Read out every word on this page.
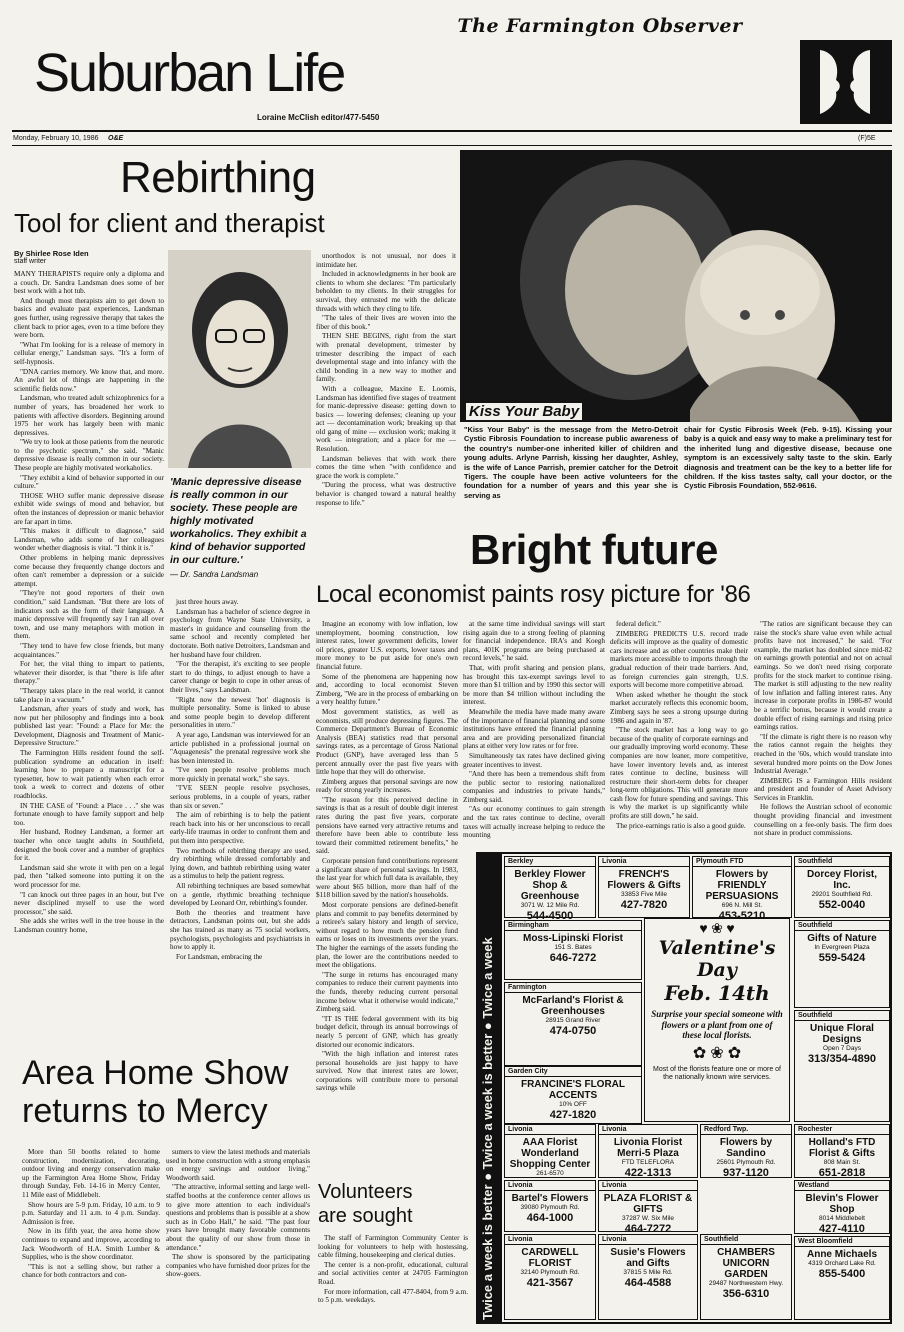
The Farmington Observer
Suburban Life
Loraine McClish editor/477-5450
Monday, February 10, 1986 O&E	(F)5E
Rebirthing
Tool for client and therapist
By Shirlee Rose Iden
staff writer

MANY THERAPISTS require only a diploma and a couch. Dr. Sandra Landsman does some of her best work with a hot tub.

And though most therapists aim to get down to basics and evaluate past experiences, Landsman goes further, using regressive therapy that takes the client back to prior ages, even to a time before they were born.

"What I'm looking for is a release of memory in cellular energy," Landsman says. "It's a form of self-hypnosis.

"DNA carries memory. We know that, and more. An awful lot of things are happening in the scientific fields now."

Landsman, who treated adult schizophrenics for a number of years, has broadened her work to patients with affective disorders. Beginning around 1975 her work has largely been with manic depressives.

"We try to look at those patients from the neurotic to the psychotic spectrum," she said. "Manic depressive disease is really common in our society. These people are highly motivated workaholics.

"They exhibit a kind of behavior supported in our culture."

THOSE WHO suffer manic depressive disease exhibit wide swings of mood and behavior, but often the instances of depression or manic behavior are far apart in time.

"This makes it difficult to diagnose," said Landsman, who adds some of her colleagues wonder whether diagnosis is vital. "I think it is."

Other problems in helping manic depressives come because they frequently change doctors and often can't remember a depression or a suicide attempt.

"They're not good reporters of their own condition," said Landsman. "But there are lots of indicators such as the form of their language. A manic depressive will frequently say I ran all over town, and use many metaphors with motion in them.

"They tend to have few close friends, but many acquaintances."

For her, the vital thing to impart to patients, whatever their disorder, is that "there is life after therapy."

"Therapy takes place in the real world, it cannot take place in a vacuum."

Landsman, after years of study and work, has now put her philosophy and findings into a book published last year: "Found: a Place for Me: the Development, Diagnosis and Treatment of Manic-Depressive Structure."

The Farmington Hills resident found the self-publication syndrome an education in itself: learning how to prepare a manuscript for a typesetter, how to wait patiently when each error took a week to correct and dozens of other roadblocks.

IN THE CASE of "Found: a Place . . ." she was fortunate enough to have family support and help too.

Her husband, Rodney Landsman, a former art teacher who once taught adults in Southfield, designed the book cover and a number of graphics for it.

Landsman said she wrote it with pen on a legal pad, then "talked someone into putting it on the word processor for me.

"I can knock out three pages in an hour, but I've never disciplined myself to use the word processor," she said.

She adds she writes well in the tree house in the Landsman country home,

'Manic depressive disease is really common in our society. These people are highly motivated workaholics. They exhibit a kind of behavior supported in our culture.'
— Dr. Sandra Landsman

just three hours away.

Landsman has a bachelor of science degree in psychology from Wayne State University, a master's in guidance and counseling from the same school and recently completed her doctorate. Both native Detroiters, Landsman and her husband have four children.

"For the therapist, it's exciting to see people start to do things, to adjust enough to have a career change or begin to cope in other areas of their lives," says Landsman.

"Right now the newest 'hot' diagnosis is multiple personality. Some is linked to abuse and some people begin to develop different personalities in utero."

A year ago, Landsman was interviewed for an article published in a professional journal on "Aquagenesis" the prenatal regressive work she has been interested in.

"I've seen people resolve problems much more quickly in prenatal work," she says.

"I'VE SEEN people resolve psychoses, serious problems, in a couple of years, rather than six or seven."

The aim of rebirthing is to help the patient reach back into his or her unconscious to recall early-life traumas in order to confront them and put them into perspective.

Two methods of rebirthing therapy are used, dry rebirthing while dressed comfortably and lying down, and bathtub rebirthing using water as a stimulus to help the patient regress.

All rebirthing techniques are based somewhat on a gentle, rhythmic breathing technique developed by Leonard Orr, rebirthing's founder.

Both the theories and treatment have detractors, Landsman points out, but she adds she has trained as many as 75 social workers, psychologists, psychologists and psychiatrists in how to apply it.

For Landsman, embracing the

unorthodox is not unusual, nor does it intimidate her.

Included in acknowledgments in her book are clients to whom she declares: "I'm particularly beholden to my clients. In their struggles for survival, they entrusted me with the delicate threads with which they cling to life.

"The tales of their lives are woven into the fiber of this book."

THEN SHE BEGINS, right from the start with prenatal development, trimester by trimester describing the impact of each developmental stage and into infancy with the child bonding in a new way to mother and family.

With a colleague, Maxine E. Loomis, Landsman has identified five stages of treatment for manic-depressive disease: getting down to basics — lowering defenses; cleaning up your act — decontamination work; breaking up that old gang of mine — exclusion work; making it work — integration; and a place for me — Resolution.

Landsman believes that with work there comes the time when "with confidence and grace the work is complete."

"During the process, what was destructive behavior is changed toward a natural healthy response to life."

Kiss Your Baby
"Kiss Your Baby" is the message from the Metro-Detroit Cystic Fibrosis Foundation to increase public awareness of the country's number-one inherited killer of children and young adults. Arlyne Parrish, kissing her daughter, Ashley, is the wife of Lance Parrish, premier catcher for the Detroit Tigers. The couple have been active volunteers for the foundation for a number of years and this year she is serving as
chair for Cystic Fibrosis Week (Feb. 9-15). Kissing your baby is a quick and easy way to make a preliminary test for the inherited lung and digestive disease, because one symptom is an excessively salty taste to the skin. Early diagnosis and treatment can be the key to a better life for children. If the kiss tastes salty, call your doctor, or the Cystic Fibrosis Foundation, 552-9616.
Bright future
Local economist paints rosy picture for '86

Imagine an economy with low inflation, low unemployment, booming construction, low interest rates, lower government deficits, lower oil prices, greater U.S. exports, lower taxes and more money to be put aside for one's own financial future.

Some of the phenomena are happening now and, according to local economist Steven Zimberg, "We are in the process of embarking on a very healthy future."

Most government statistics, as well as economists, still produce depressing figures. The Commerce Department's Bureau of Economic Analysis (BEA) statistics read that personal savings rates, as a percentage of Gross National Product (GNP), have averaged less than 5 percent annually over the past five years with little hope that they will do otherwise.

Zimberg argues that personal savings are now ready for strong yearly increases.

"The reason for this perceived decline in savings is that as a result of double digit interest rates during the past five years, corporate pensions have earned very attractive returns and therefore have been able to contribute less toward their committed retirement benefits," he said.

Corporate pension fund contributions represent a significant share of personal savings. In 1983, the last year for which full data is available, they were about $65 billion, more than half of the $118 billion saved by the nation's households.

Most corporate pensions are defined-benefit plans and commit to pay benefits determined by a retiree's salary history and length of service, without regard to how much the pension fund earns or loses on its investments over the years. The higher the earnings of the assets funding the plan, the lower are the contributions needed to meet the obligations.

"The surge in returns has encouraged many companies to reduce their current payments into the funds, thereby reducing current personal income below what it otherwise would indicate," Zimberg said.

"IT IS THE federal government with its big budget deficit, through its annual borrowings of nearly 5 percent of GNP, which has greatly distorted our economic indicators.

"With the high inflation and interest rates personal households are just happy to have survived. Now that interest rates are lower, corporations will contribute more to personal savings while

at the same time individual savings will start rising again due to a strong feeling of planning for financial independence. IRA's and Koegh plans, 401K programs are being purchased at record levels," he said.

That, with profit sharing and pension plans, has brought this tax-exempt savings level to more than $1 trillion and by 1990 this sector will be more than $4 trillion without including the interest.

Meanwhile the media have made many aware of the importance of financial planning and some institutions have entered the financial planning area and are providing personalized financial plans at either very low rates or for free.

Simultaneously tax rates have declined giving greater incentives to invest.

"And there has been a tremendous shift from the public sector to restoring nationalized companies and industries to private hands," Zimberg said.

"As our economy continues to gain strength and the tax rates continue to decline, overall taxes will actually increase helping to reduce the mounting

federal deficit."

ZIMBERG PREDICTS U.S. record trade deficits will improve as the quality of domestic cars increase and as other countries make their markets more accessible to imports through the gradual reduction of their trade barriers. And, as foreign currencies gain strength, U.S. exports will become more competitive abroad.

When asked whether he thought the stock market accurately reflects this economic boom, Zimberg says he sees a strong upsurge during 1986 and again in '87.

"The stock market has a long way to go because of the quality of corporate earnings and our gradually improving world economy. These companies are now leaner, more competitive, have lower inventory levels and, as interest rates continue to decline, business will restructure their short-term debts for cheaper long-term obligations. This will generate more cash flow for future spending and savings. This is why the market is up significantly while profits are still down," he said.

The price-earnings ratio is also a good guide.

"The ratios are significant because they can raise the stock's share value even while actual profits have not increased," he said. "For example, the market has doubled since mid-82 on earnings growth potential and not on actual earnings. So we don't need rising corporate profits for the stock market to continue rising. The market is still adjusting to the new reality of low inflation and falling interest rates. Any increase in corporate profits in 1986-87 would be a terrific bonus, because it would create a double effect of rising earnings and rising price earnings ratios.

"If the climate is right there is no reason why the ratios cannot regain the heights they reached in the '60s, which would translate into several hundred more points on the Dow Jones Industrial Average."

ZIMBERG IS a Farmington Hills resident and president and founder of Asset Advisory Services in Franklin.

He follows the Austrian school of economic thought providing financial and investment counselling on a fee-only basis. The firm does not share in product commissions.

Area Home Show
returns to Mercy

More than 50 booths related to home construction, modernization, decorating, outdoor living and energy conservation make up the Farmington Area Home Show, Friday through Sunday, Feb. 14-16 in Mercy Center, 11 Mile east of Middlebelt.

Show hours are 5-9 p.m. Friday, 10 a.m. to 9 p.m. Saturday and 11 a.m. to 4 p.m. Sunday. Admission is free.

Now in its fifth year, the area home show continues to expand and improve, according to Jack Woodworth of H.A. Smith Lumber & Supplies, who is the show coordinator.

"This is not a selling show, but rather a chance for both contractors and con-

sumers to view the latest methods and materials used in home construction with a strong emphasis on energy savings and outdoor living," Woodworth said.

"The attractive, informal setting and large well-staffed booths at the conference center allows us to give more attention to each individual's questions and problems than is possible at a show such as in Cobo Hall," he said. "The past four years have brought many favorable comments about the quality of our show from those in attendance."

The show is sponsored by the participating companies who have furnished door prizes for the show-goers.

Volunteers
are sought

The staff of Farmington Community Center is looking for volunteers to help with hostessing, cable filming, housekeeping and clerical duties.

The center is a non-profit, educational, cultural and social activities center at 24705 Farmington Road.

For more information, call 477-8404, from 9 a.m. to 5 p.m. weekdays.	Twice a week is better ● Twice a week is better ● Twice a week
Berkley
Berkley Flower Shop & Greenhouse
3071 W. 12 Mile Rd.
544-4500
Livonia
FRENCH'S Flowers & Gifts
33853 Five Mile
427-7820
Plymouth FTD
Flowers by FRIENDLY PERSUASIONS
696 N. Mill St.
453-5210
Southfield
Dorcey Florist, Inc.
29201 Southfield Rd.
552-0040
Birmingham
Moss-Lipinski Florist
151 S. Bates
646-7272
Farmington
McFarland's Florist & Greenhouses
28915 Grand River
474-0750
Garden City
FRANCINE'S FLORAL ACCENTS
10% OFF
427-1820
Southfield
Gifts of Nature
In Evergreen Plaza
559-5424
Southfield
Unique Floral Designs
Open 7 Days
313/354-4890
Livonia
AAA Florist Wonderland Shopping Center
261-6570
Livonia
Livonia Florist Merri-5 Plaza
FTD TELEFLORA
422-1313
Redford Twp.
Flowers by Sandino
25601 Plymouth Rd.
937-1120
Rochester
Holland's FTD Florist & Gifts
808 Main St.
651-2818
Westland
Blevin's Flower Shop
8014 Middlebelt
427-4110
Livonia
Bartel's Flowers
39080 Plymouth Rd.
464-1000
Livonia
PLAZA FLORIST & GIFTS
37287 W. Six Mile
464-7272
Livonia
CARDWELL FLORIST
32140 Plymouth Rd.
421-3567
Livonia
Susie's Flowers and Gifts
37815 5 Mile Rd.
464-4588
Southfield
CHAMBERS UNICORN GARDEN
29487 Northwestern Hwy.
356-6310
West Bloomfield
Anne Michaels
4319 Orchard Lake Rd.
855-5400
♥ ❀ ♥
Valentine's
Day
Feb. 14th
Surprise your special someone with flowers or a plant from one of these local florists.
✿ ❀ ✿
Most of the florists feature one or more of the nationally known wire services.
